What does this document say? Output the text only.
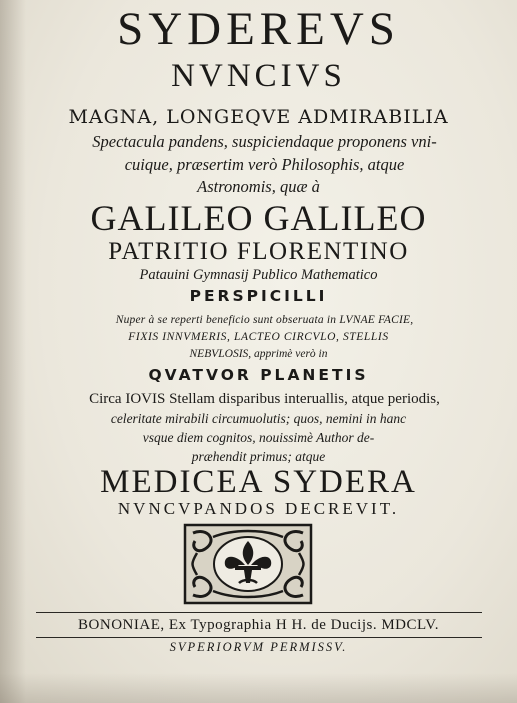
SYDEREVS
NVNCIVS
MAGNA, LONGEQVE ADMIRABILIA
Spectacula pandens, suspiciendaque proponens vni-
cuique, præsertim verò Philosophis, atque
Astronomis, quæ à
GALILEO GALILEO
PATRITIO FLORENTINO
Patauini Gymnasij Publico Mathematico
PERSPICILLI
Nuper à se reperti beneficio sunt obseruata in LVNAE FACIE,
FIXIS INNVMERIS, LACTEO CIRCVLO, STELLIS
NEBVLOSIS, apprimè verò in
QVATVOR PLANETIS
Circa IOVIS Stellam disparibus interuallis, atque periodis,
celeritate mirabili circumuolutis; quos, nemini in hanc
vsque diem cognitos, nouissimè Author de-
præhendit primus; atque
MEDICEA SYDERA
NVNCVPANDOS DECREVIT.
BONONIAE, Ex Typographia H H. de Ducijs. MDCLV.
SVPERIORVM PERMISSV.
